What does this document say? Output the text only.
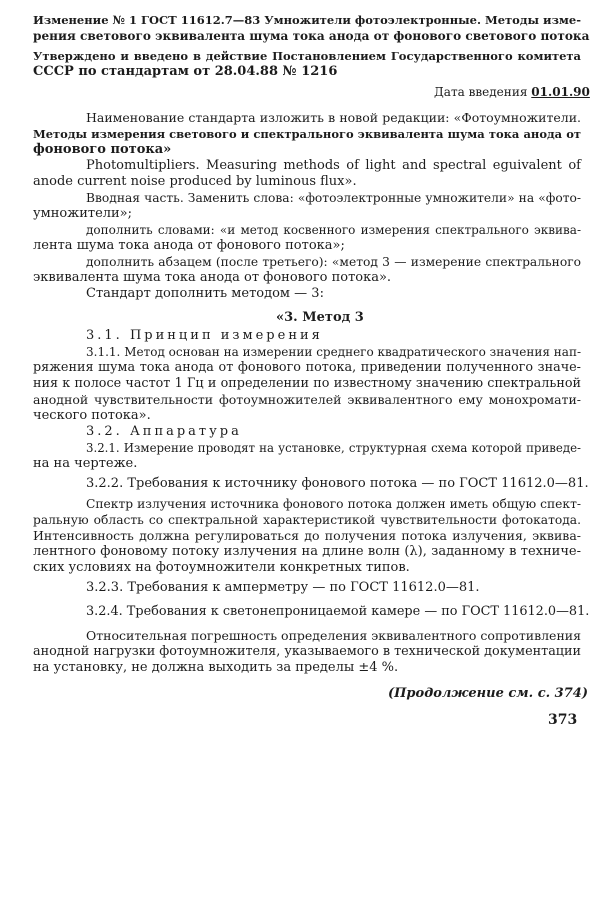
Изменение № 1 ГОСТ 11612.7—83 Умножители фотоэлектронные. Методы изме-
рения светового эквивалента шума тока анода от фонового светового потока
Утверждено и введено в действие Постановлением Государственного комитета
СССР по стандартам от 28.04.88 № 1216
Дата введения 01.01.90
Наименование стандарта изложить в новой редакции: «Фотоумножители.
Методы измерения светового и спектрального эквивалента шума тока анода от
фонового потока»
Photomultipliers. Measuring methods of light and spectral eguivalent of
anode current noise produced by luminous flux».
Вводная часть. Заменить слова: «фотоэлектронные умножители» на «фото-
умножители»;
дополнить словами: «и метод косвенного измерения спектрального эквива-
лента шума тока анода от фонового потока»;
дополнить абзацем (после третьего): «метод 3 — измерение спектрального
эквивалента шума тока анода от фонового потока».
Стандарт дополнить методом — 3:
«3. Метод 3
3.1. Принцип измерения
3.1.1. Метод основан на измерении среднего квадратического значения нап-
ряжения шума тока анода от фонового потока, приведении полученного значе-
ния к полосе частот 1 Гц и определении по известному значению спектральной
анодной чувствительности фотоумножителей эквивалентного ему монохромати-
ческого потока».
3.2. Аппаратура
3.2.1. Измерение проводят на установке, структурная схема которой приведе-
на на чертеже.
3.2.2. Требования к источнику фонового потока — по ГОСТ 11612.0—81.
Спектр излучения источника фонового потока должен иметь общую спект-
ральную область со спектральной характеристикой чувствительности фотокатода.
Интенсивность должна регулироваться до получения потока излучения, эквива-
лентного фоновому потоку излучения на длине волн (λ), заданному в техниче-
ских условиях на фотоумножители конкретных типов.
3.2.3. Требования к амперметру — по ГОСТ 11612.0—81.
3.2.4. Требования к светонепроницаемой камере — по ГОСТ 11612.0—81.
Относительная погрешность определения эквивалентного сопротивления
анодной нагрузки фотоумножителя, указываемого в технической документации
на установку, не должна выходить за пределы ±4 %.
(Продолжение см. с. 374)
373
